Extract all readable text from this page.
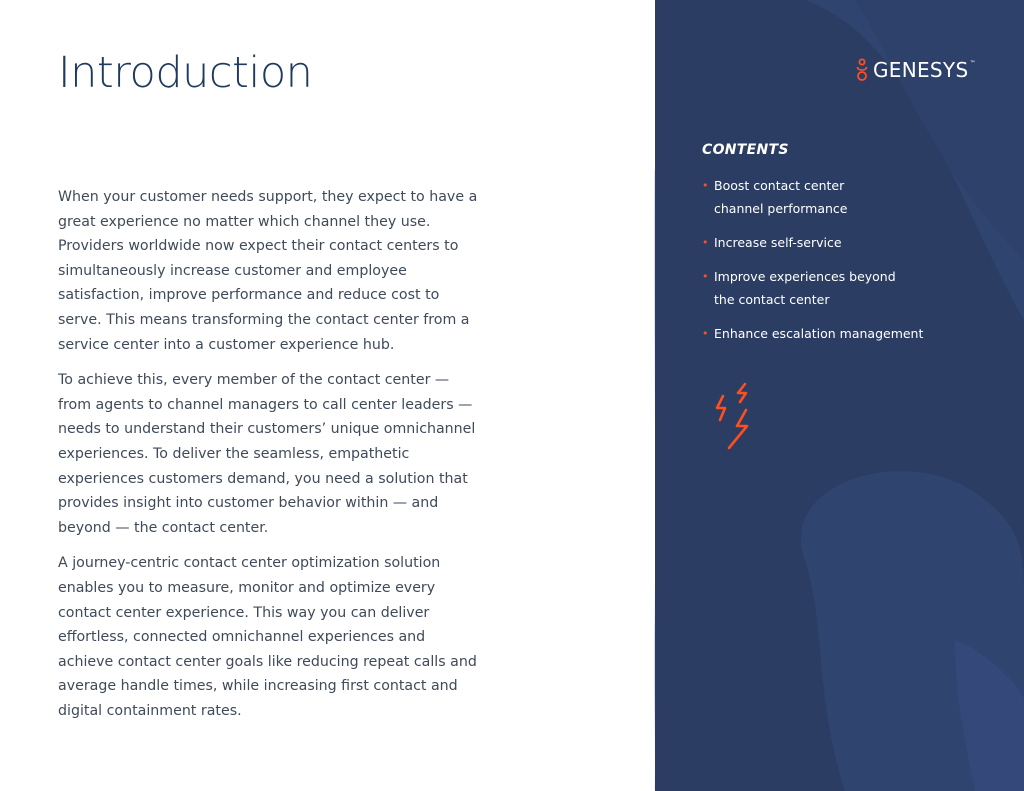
Introduction

When your customer needs support, they expect to have a great experience no matter which channel they use. Providers worldwide now expect their contact centers to simultaneously increase customer and employee satisfaction, improve performance and reduce cost to serve. This means transforming the contact center from a service center into a customer experience hub.

To achieve this, every member of the contact center — from agents to channel managers to call center leaders — needs to understand their customers’ unique omnichannel experiences. To deliver the seamless, empathetic experiences customers demand, you need a solution that provides insight into customer behavior within — and beyond — the contact center.

A journey-centric contact center optimization solution enables you to measure, monitor and optimize every contact center experience. This way you can deliver effortless, connected omnichannel experiences and achieve contact center goals like reducing repeat calls and average handle times, while increasing first contact and digital containment rates.

GENESYS ™
CONTENTS
• Boost contact center
channel performance
• Increase self-service
• Improve experiences beyond
the contact center
• Enhance escalation management
